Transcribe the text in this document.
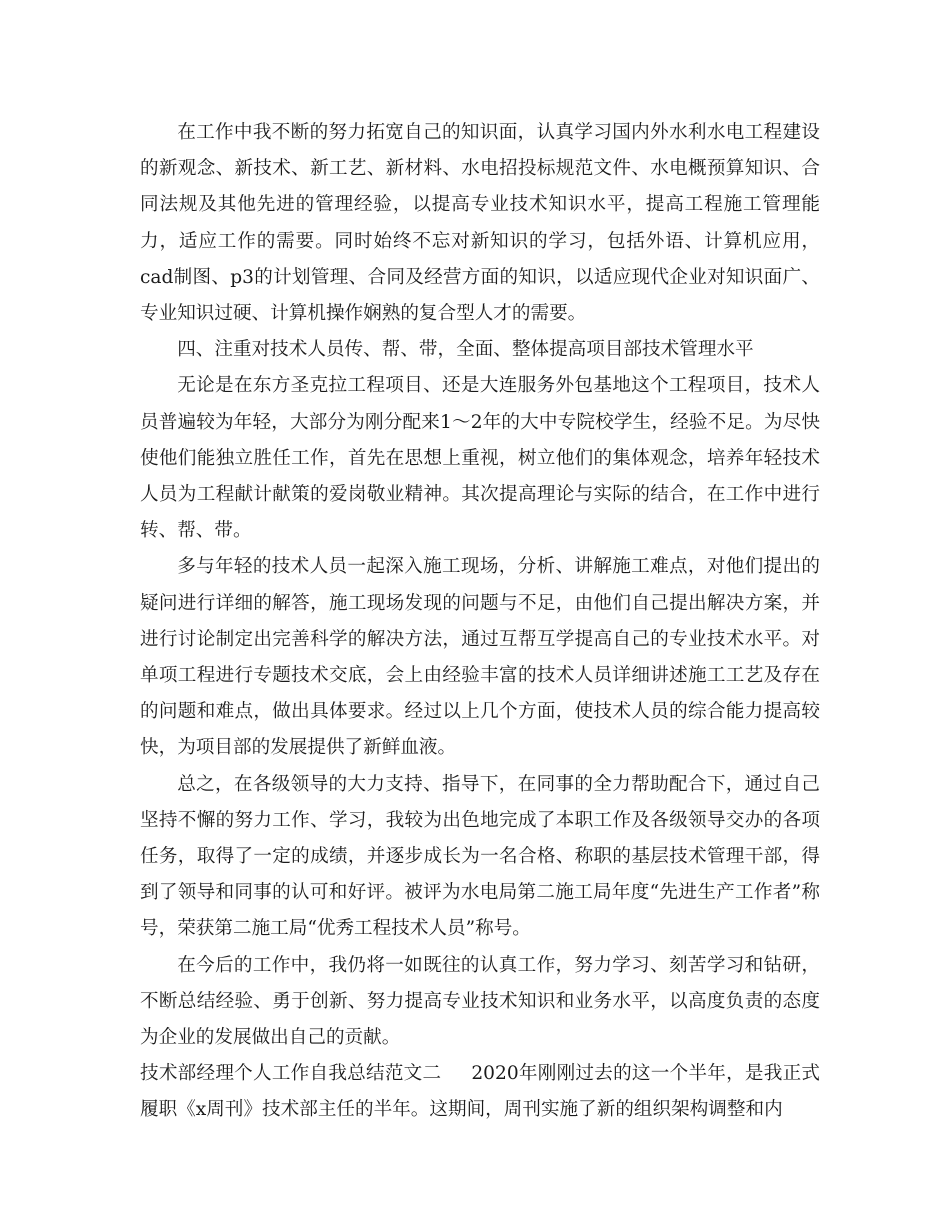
在工作中我不断的努力拓宽自己的知识面，认真学习国内外水利水电工程建设的新观念、新技术、新工艺、新材料、水电招投标规范文件、水电概预算知识、合同法规及其他先进的管理经验，以提高专业技术知识水平，提高工程施工管理能力，适应工作的需要。同时始终不忘对新知识的学习，包括外语、计算机应用，cad制图、p3的计划管理、合同及经营方面的知识，以适应现代企业对知识面广、专业知识过硬、计算机操作娴熟的复合型人才的需要。

四、注重对技术人员传、帮、带，全面、整体提高项目部技术管理水平

无论是在东方圣克拉工程项目、还是大连服务外包基地这个工程项目，技术人员普遍较为年轻，大部分为刚分配来1～2年的大中专院校学生，经验不足。为尽快使他们能独立胜任工作，首先在思想上重视，树立他们的集体观念，培养年轻技术人员为工程献计献策的爱岗敬业精神。其次提高理论与实际的结合，在工作中进行转、帮、带。

多与年轻的技术人员一起深入施工现场，分析、讲解施工难点，对他们提出的疑问进行详细的解答，施工现场发现的问题与不足，由他们自己提出解决方案，并进行讨论制定出完善科学的解决方法，通过互帮互学提高自己的专业技术水平。对单项工程进行专题技术交底，会上由经验丰富的技术人员详细讲述施工工艺及存在的问题和难点，做出具体要求。经过以上几个方面，使技术人员的综合能力提高较快，为项目部的发展提供了新鲜血液。

总之，在各级领导的大力支持、指导下，在同事的全力帮助配合下，通过自己坚持不懈的努力工作、学习，我较为出色地完成了本职工作及各级领导交办的各项任务，取得了一定的成绩，并逐步成长为一名合格、称职的基层技术管理干部，得到了领导和同事的认可和好评。被评为水电局第二施工局年度“先进生产工作者”称号，荣获第二施工局“优秀工程技术人员”称号。

在今后的工作中，我仍将一如既往的认真工作，努力学习、刻苦学习和钻研，不断总结经验、勇于创新、努力提高专业技术知识和业务水平，以高度负责的态度为企业的发展做出自己的贡献。

技术部经理个人工作自我总结范文二 2020年刚刚过去的这一个半年，是我正式履职《x周刊》技术部主任的半年。这期间，周刊实施了新的组织架构调整和内
